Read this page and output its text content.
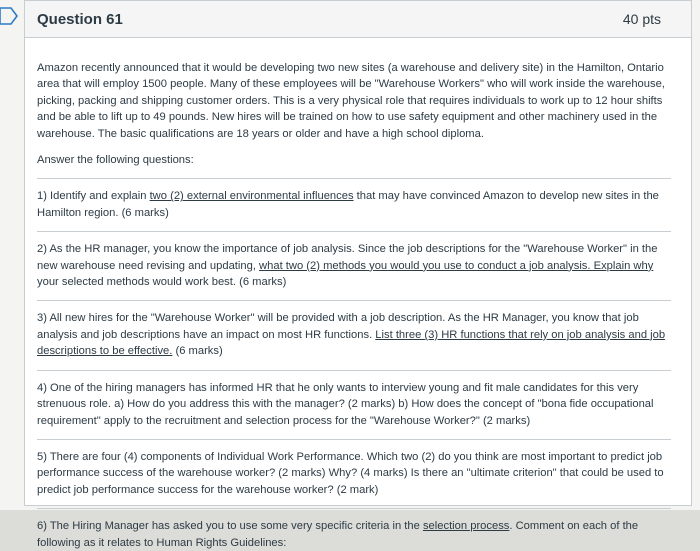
Question 61	40 pts

Amazon recently announced that it would be developing two new sites (a warehouse and delivery site) in the Hamilton, Ontario area that will employ 1500 people. Many of these employees will be "Warehouse Workers" who will work inside the warehouse, picking, packing and shipping customer orders. This is a very physical role that requires individuals to work up to 12 hour shifts and be able to lift up to 49 pounds. New hires will be trained on how to use safety equipment and other machinery used in the warehouse. The basic qualifications are 18 years or older and have a high school diploma.

Answer the following questions:

1) Identify and explain two (2) external environmental influences that may have convinced Amazon to develop new sites in the Hamilton region. (6 marks)
2) As the HR manager, you know the importance of job analysis. Since the job descriptions for the "Warehouse Worker" in the new warehouse need revising and updating, what two (2) methods you would you use to conduct a job analysis. Explain why your selected methods would work best. (6 marks)
3) All new hires for the "Warehouse Worker" will be provided with a job description. As the HR Manager, you know that job analysis and job descriptions have an impact on most HR functions. List three (3) HR functions that rely on job analysis and job descriptions to be effective. (6 marks)
4) One of the hiring managers has informed HR that he only wants to interview young and fit male candidates for this very strenuous role. a) How do you address this with the manager? (2 marks) b) How does the concept of "bona fide occupational requirement" apply to the recruitment and selection process for the "Warehouse Worker?" (2 marks)
5) There are four (4) components of Individual Work Performance. Which two (2) do you think are most important to predict job performance success of the warehouse worker? (2 marks) Why? (4 marks) Is there an "ultimate criterion" that could be used to predict job performance success for the warehouse worker? (2 mark)
6) The Hiring Manager has asked you to use some very specific criteria in the selection process. Comment on each of the following as it relates to Human Rights Guidelines:
